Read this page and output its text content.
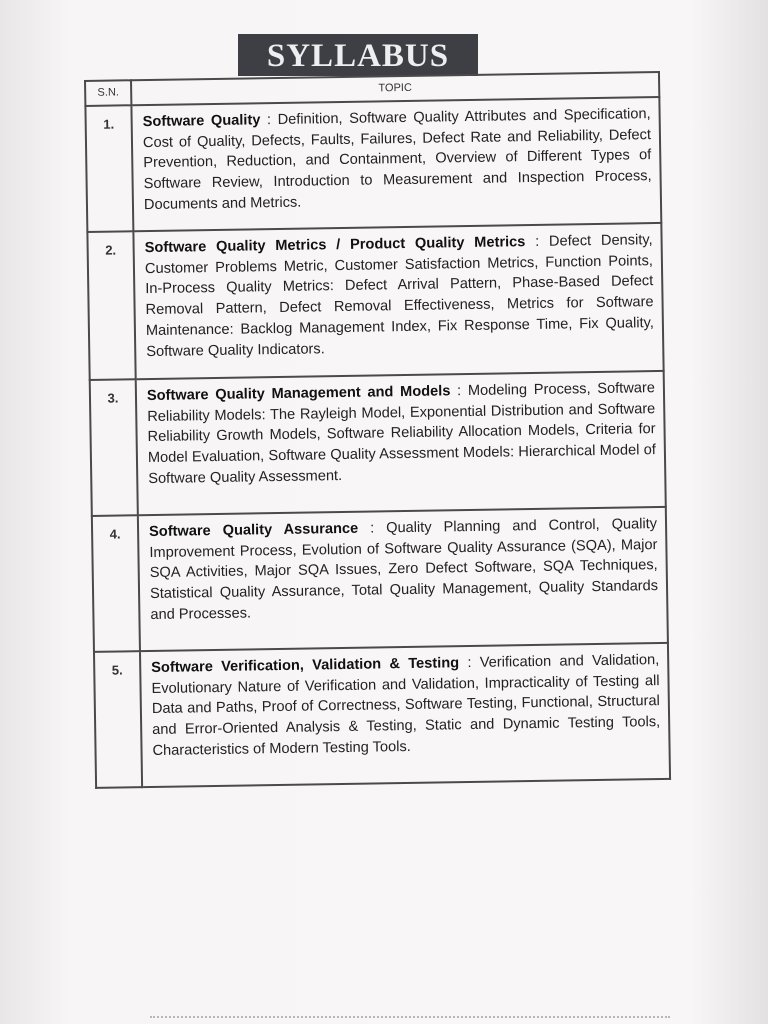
SYLLABUS
S.N.	TOPIC
1.	Software Quality : Definition, Software Quality Attributes and Specification, Cost of Quality, Defects, Faults, Failures, Defect Rate and Reliability, Defect Prevention, Reduction, and Containment, Overview of Different Types of Software Review, Introduction to Measurement and Inspection Process, Documents and Metrics.
2.	Software Quality Metrics / Product Quality Metrics : Defect Density, Customer Problems Metric, Customer Satisfaction Metrics, Function Points, In-Process Quality Metrics: Defect Arrival Pattern, Phase-Based Defect Removal Pattern, Defect Removal Effectiveness, Metrics for Software Maintenance: Backlog Management Index, Fix Response Time, Fix Quality, Software Quality Indicators.
3.	Software Quality Management and Models : Modeling Process, Software Reliability Models: The Rayleigh Model, Exponential Distribution and Software Reliability Growth Models, Software Reliability Allocation Models, Criteria for Model Evaluation, Software Quality Assessment Models: Hierarchical Model of Software Quality Assessment.
4.	Software Quality Assurance : Quality Planning and Control, Quality Improvement Process, Evolution of Software Quality Assurance (SQA), Major SQA Activities, Major SQA Issues, Zero Defect Software, SQA Techniques, Statistical Quality Assurance, Total Quality Management, Quality Standards and Processes.
5.	Software Verification, Validation & Testing : Verification and Validation, Evolutionary Nature of Verification and Validation, Impracticality of Testing all Data and Paths, Proof of Correctness, Software Testing, Functional, Structural and Error-Oriented Analysis & Testing, Static and Dynamic Testing Tools, Characteristics of Modern Testing Tools.
